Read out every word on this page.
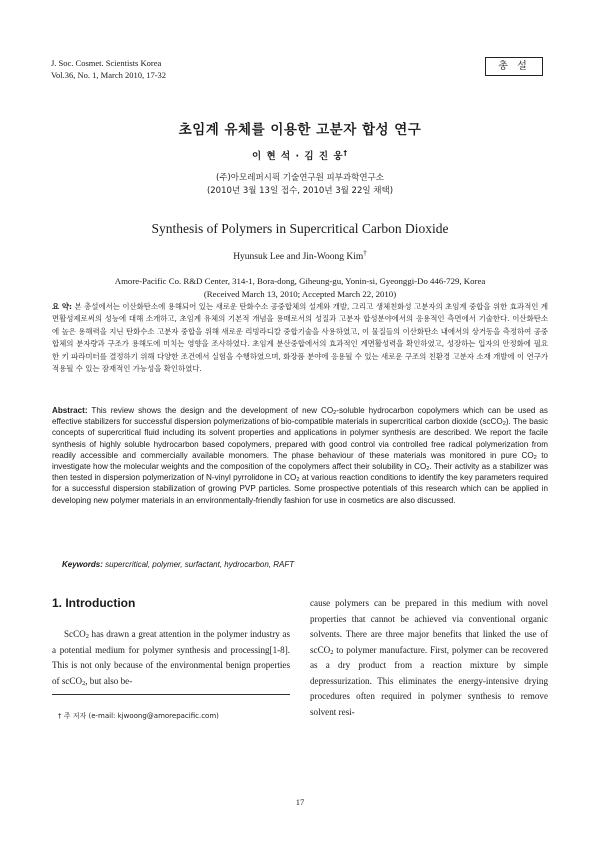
J. Soc. Cosmet. Scientists Korea
Vol.36, No. 1, March 2010, 17-32
총 설
초임계 유체를 이용한 고분자 합성 연구
이 현 석 · 김 진 웅†
(주)아모레퍼시픽 기술연구원 피부과학연구소
(2010년 3월 13일 접수, 2010년 3월 22일 채택)
Synthesis of Polymers in Supercritical Carbon Dioxide
Hyunsuk Lee and Jin-Woong Kim†
Amore-Pacific Co. R&D Center, 314-1, Bora-dong, Giheung-gu, Yonin-si, Gyeonggi-Do 446-729, Korea
(Received March 13, 2010; Accepted March 22, 2010)
요 약: 본 총설에서는 이산화탄소에 용해되어 있는 새로운 탄화수소 공중합체의 설계와 개발, 그리고 생체친화성 고분자의 초임계 중합을 위한 효과적인 계면활성제로써의 성능에 대해 소개하고, 초임계 유체의 기본적 개념을 용매로서의 성질과 고분자 합성분야에서의 응용적인 측면에서 기술한다. 이산화탄소에 높은 용해력을 지닌 탄화수소 고분자 중합을 위해 새로운 리빙라디칼 중합기술을 사용하였고, 이 물질들의 이산화탄소 내에서의 상거동을 측정하여 공중합체의 분자량과 구조가 용해도에 미치는 영향을 조사하였다. 초임계 분산중합에서의 효과적인 계면활성력을 확인하였고, 성장하는 입자의 안정화에 필요한 키 파라미터를 결정하기 위해 다양한 조건에서 실험을 수행하였으며, 화장품 분야에 응용될 수 있는 새로운 구조의 친환경 고분자 소재 개발에 이 연구가 적용될 수 있는 잠재적인 가능성을 확인하였다.
Abstract: This review shows the design and the development of new $CO_2$-soluble hydrocarbon copolymers which can be used as effective stabilizers for successful dispersion polymerizations of bio-compatible materials in supercritical carbon dioxide (scCO$_2$). The basic concepts of supercritical fluid including its solvent properties and applications in polymer synthesis are described. We report the facile synthesis of highly soluble hydrocarbon based copolymers, prepared with good control via controlled free radical polymerization from readily accessible and commercially available monomers. The phase behaviour of these materials was monitored in pure $CO_2$ to investigate how the molecular weights and the composition of the copolymers affect their solubility in $CO_2$. Their activity as a stabilizer was then tested in dispersion polymerization of N-vinyl pyrrolidone in $CO_2$ at various reaction conditions to identify the key parameters required for a successful dispersion stabilization of growing PVP particles. Some prospective potentials of this research which can be applied in developing new polymer materials in an environmentally-friendly fashion for use in cosmetics are also discussed.
Keywords: supercritical, polymer, surfactant, hydrocarbon, RAFT
1. Introduction
ScCO$_2$ has drawn a great attention in the polymer industry as a potential medium for polymer synthesis and processing[1-8]. This is not only because of the environmental benign properties of scCO$_2$, but also be-
cause polymers can be prepared in this medium with novel properties that cannot be achieved via conventional organic solvents. There are three major benefits that linked the use of scCO$_2$ to polymer manufacture. First, polymer can be recovered as a dry product from a reaction mixture by simple depressurization. This eliminates the energy-intensive drying procedures often required in polymer synthesis to remove solvent resi-
† 주 저자 (e-mail: kjwoong@amorepacific.com)
17
